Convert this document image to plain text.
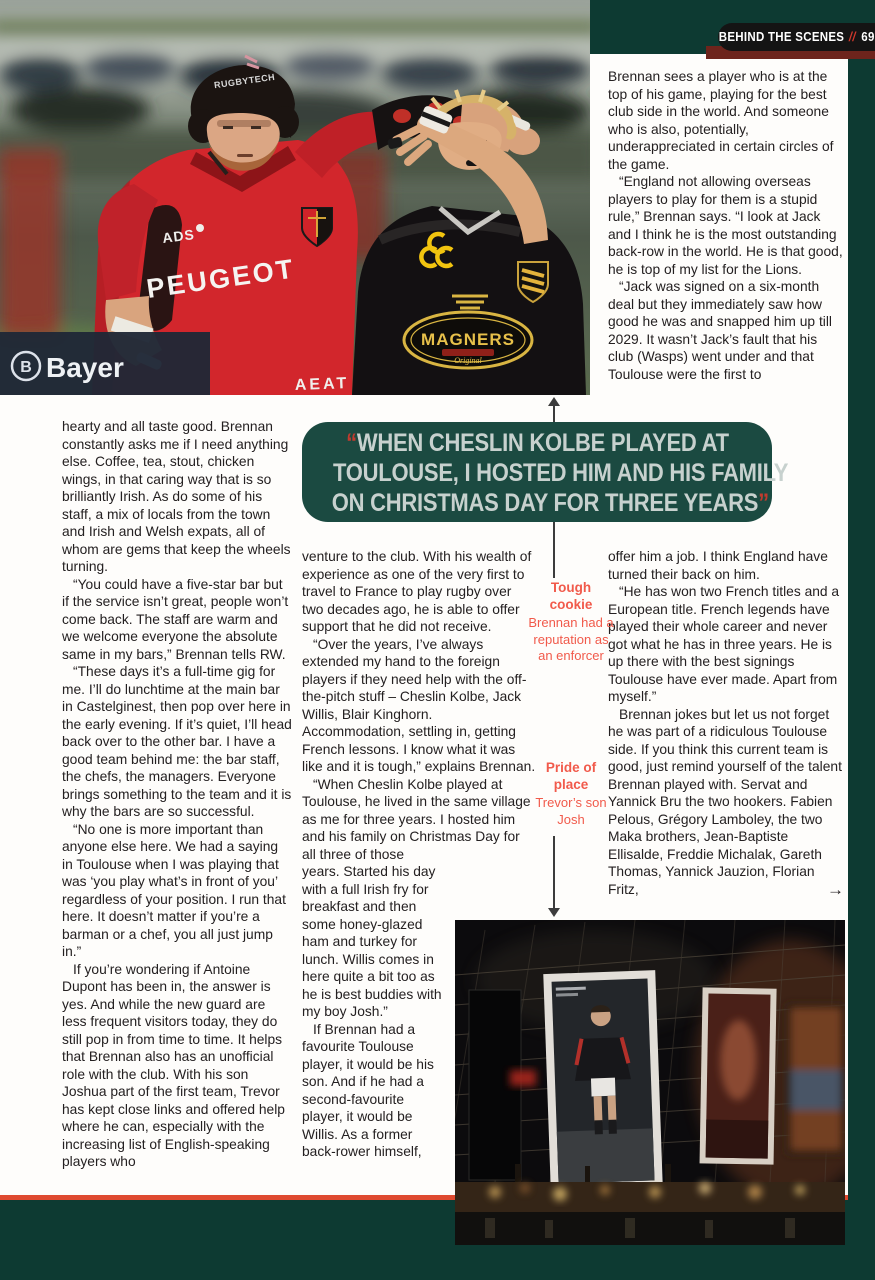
BEHIND THE SCENES // 69
RUGBYTECH
ADS
PEUGEOT
MAGNERS
Original
B Bayer
AEAT
“WHEN CHESLIN KOLBE PLAYED AT
TOULOUSE, I HOSTED HIM AND HIS FAMILY
ON CHRISTMAS DAY FOR THREE YEARS”

hearty and all taste good. Brennan constantly asks me if I need anything else. Coffee, tea, stout, chicken wings, in that caring way that is so brilliantly Irish. As do some of his staff, a mix of locals from the town and Irish and Welsh expats, all of whom are gems that keep the wheels turning.

“You could have a five-star bar but if the service isn’t great, people won’t come back. The staff are warm and we welcome everyone the absolute same in my bars,” Brennan tells RW.

“These days it’s a full-time gig for me. I’ll do lunchtime at the main bar in Castelginest, then pop over here in the early evening. If it’s quiet, I’ll head back over to the other bar. I have a good team behind me: the bar staff, the chefs, the managers. Everyone brings something to the team and it is why the bars are so successful.

“No one is more important than anyone else here. We had a saying in Toulouse when I was playing that was ‘you play what’s in front of you’ regardless of your position. I run that here. It doesn’t matter if you’re a barman or a chef, you all just jump in.”

If you’re wondering if Antoine Dupont has been in, the answer is yes. And while the new guard are less frequent visitors today, they do still pop in from time to time. It helps that Brennan also has an unofficial role with the club. With his son Joshua part of the first team, Trevor has kept close links and offered help where he can, especially with the increasing list of English-speaking players who

venture to the club. With his wealth of experience as one of the very first to travel to France to play rugby over two decades ago, he is able to offer support that he did not receive.

“Over the years, I’ve always extended my hand to the foreign players if they need help with the off-the-pitch stuff – Cheslin Kolbe, Jack Willis, Blair Kinghorn. Accommodation, settling in, getting French lessons. I know what it was like and it is tough,” explains Brennan.

“When Cheslin Kolbe played at Toulouse, he lived in the same village as me for three years. I hosted him and his family on Christmas Day for all three of those

years. Started his day with a full Irish fry for breakfast and then some honey-glazed ham and turkey for lunch. Willis comes in here quite a bit too as he is best buddies with my boy Josh.”

If Brennan had a favourite Toulouse player, it would be his son. And if he had a second-favourite player, it would be Willis. As a former back-rower himself,

Brennan sees a player who is at the top of his game, playing for the best club side in the world. And someone who is also, potentially, underappreciated in certain circles of the game.

“England not allowing overseas players to play for them is a stupid rule,” Brennan says. “I look at Jack and I think he is the most outstanding back-row in the world. He is that good, he is top of my list for the Lions.

“Jack was signed on a six-month deal but they immediately saw how good he was and snapped him up till 2029. It wasn’t Jack’s fault that his club (Wasps) went under and that Toulouse were the first to

offer him a job. I think England have turned their back on him.

“He has won two French titles and a European title. French legends have played their whole career and never got what he has in three years. He is up there with the best signings Toulouse have ever made. Apart from myself.”

Brennan jokes but let us not forget he was part of a ridiculous Toulouse side. If you think this current team is good, just remind yourself of the talent Brennan played with. Servat and Yannick Bru the two hookers. Fabien Pelous, Grégory Lamboley, the two Maka brothers, Jean-Baptiste Ellisalde, Freddie Michalak, Gareth Thomas, Yannick Jauzion, Florian Fritz,	→
Tough cookie
Brennan had a reputation as an enforcer
Pride of place
Trevor’s son Josh
